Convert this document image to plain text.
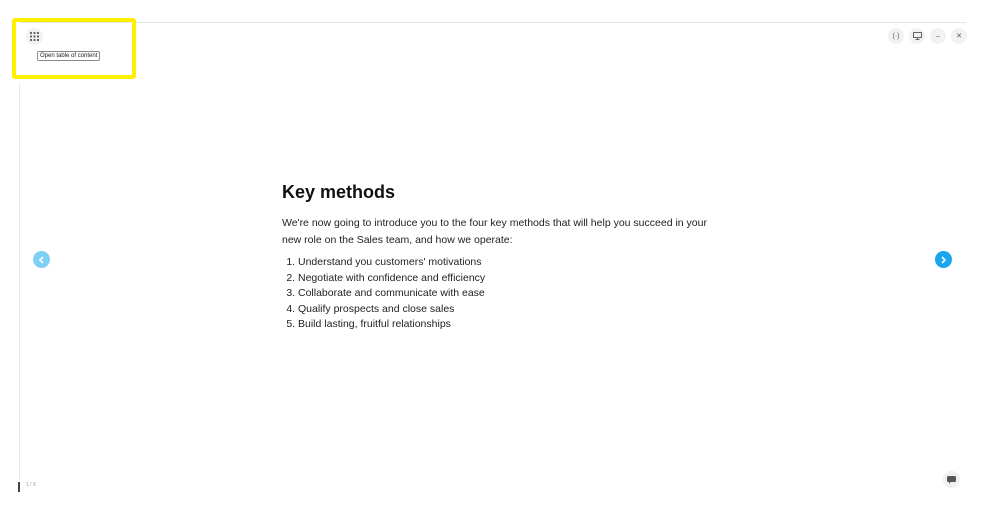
Open table of content
(·)	– ✕
1 / 5
Key methods

We're now going to introduce you to the four key methods that will help you succeed in your new role on the Sales team, and how we operate:

1. Understand you customers' motivations
2. Negotiate with confidence and efficiency
3. Collaborate and communicate with ease
4. Qualify prospects and close sales
5. Build lasting, fruitful relationships
